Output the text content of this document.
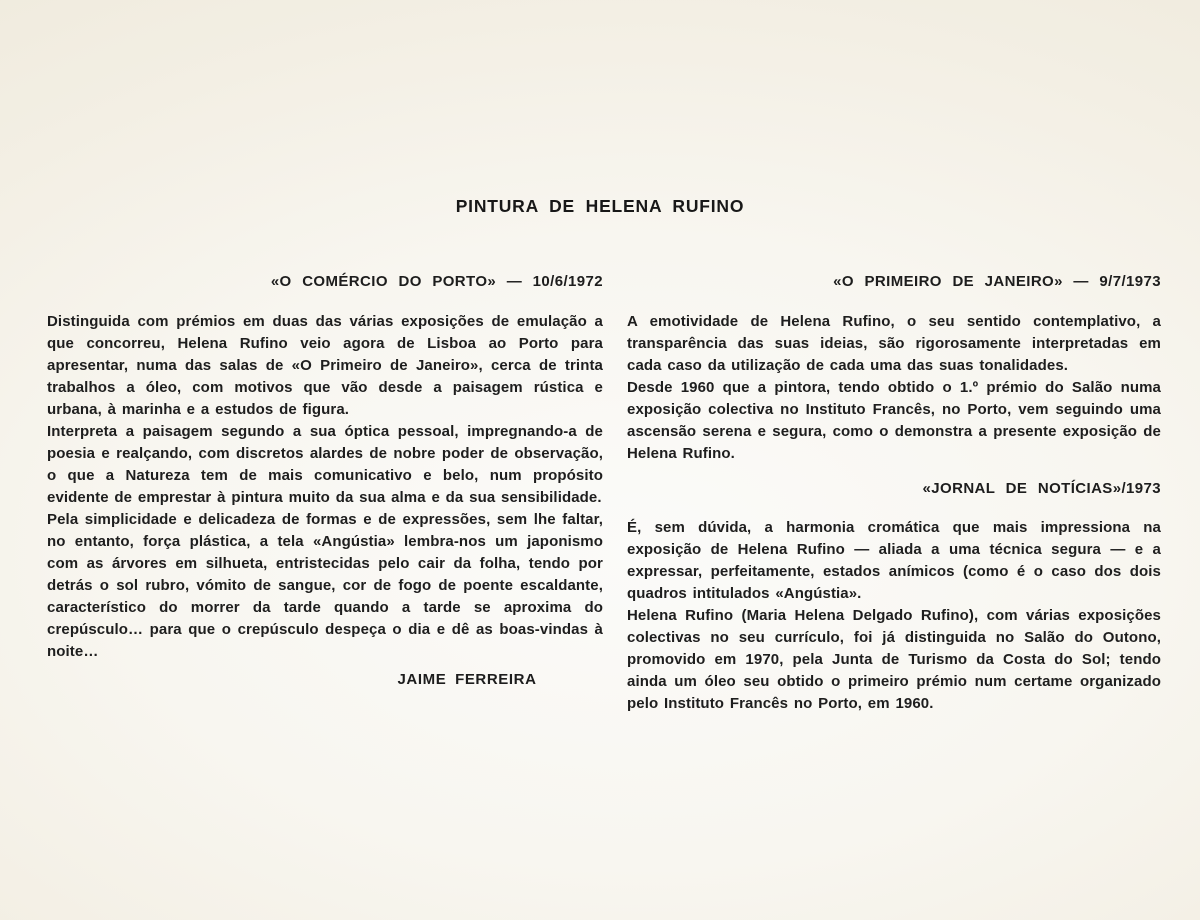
PINTURA DE HELENA RUFINO
«O COMÉRCIO DO PORTO» — 10/6/1972

Distinguida com prémios em duas das várias exposições de emulação a que concorreu, Helena Rufino veio agora de Lisboa ao Porto para apresentar, numa das salas de «O Primeiro de Janeiro», cerca de trinta trabalhos a óleo, com motivos que vão desde a paisagem rústica e urbana, à marinha e a estudos de figura.

Interpreta a paisagem segundo a sua óptica pessoal, impregnando-a de poesia e realçando, com discretos alardes de nobre poder de observação, o que a Natureza tem de mais comunicativo e belo, num propósito evidente de emprestar à pintura muito da sua alma e da sua sensibilidade.

Pela simplicidade e delicadeza de formas e de expressões, sem lhe faltar, no entanto, força plástica, a tela «Angústia» lembra-nos um japonismo com as árvores em silhueta, entristecidas pelo cair da folha, tendo por detrás o sol rubro, vómito de sangue, cor de fogo de poente escaldante, característico do morrer da tarde quando a tarde se aproxima do crepúsculo… para que o crepúsculo despeça o dia e dê as boas-vindas à noite…

JAIME FERREIRA
«O PRIMEIRO DE JANEIRO» — 9/7/1973

A emotividade de Helena Rufino, o seu sentido contemplativo, a transparência das suas ideias, são rigorosamente interpretadas em cada caso da utilização de cada uma das suas tonalidades.

Desde 1960 que a pintora, tendo obtido o 1.º prémio do Salão numa exposição colectiva no Instituto Francês, no Porto, vem seguindo uma ascensão serena e segura, como o demonstra a presente exposição de Helena Rufino.

«JORNAL DE NOTÍCIAS»/1973

É, sem dúvida, a harmonia cromática que mais impressiona na exposição de Helena Rufino — aliada a uma técnica segura — e a expressar, perfeitamente, estados anímicos (como é o caso dos dois quadros intitulados «Angústia».

Helena Rufino (Maria Helena Delgado Rufino), com várias exposições colectivas no seu currículo, foi já distinguida no Salão do Outono, promovido em 1970, pela Junta de Turismo da Costa do Sol; tendo ainda um óleo seu obtido o primeiro prémio num certame organizado pelo Instituto Francês no Porto, em 1960.
